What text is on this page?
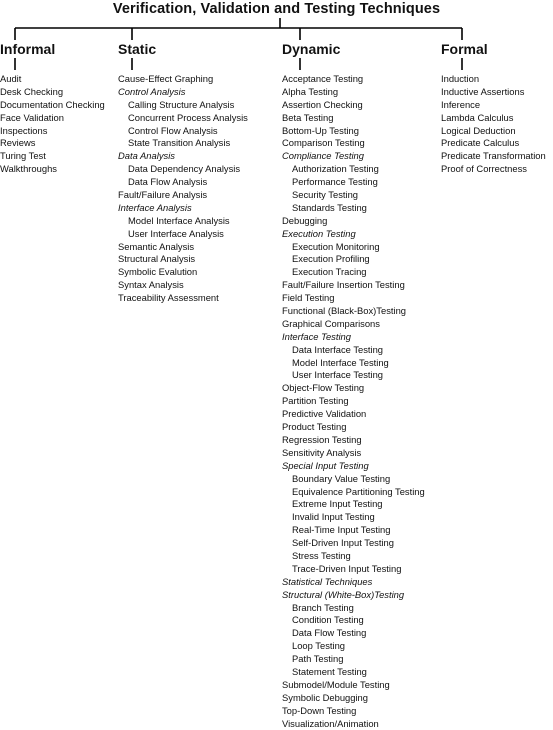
Verification, Validation and Testing Techniques
Informal
Audit
Desk Checking
Documentation Checking
Face Validation
Inspections
Reviews
Turing Test
Walkthroughs
Static
Cause-Effect Graphing
Control Analysis
Calling Structure Analysis
Concurrent Process Analysis
Control Flow Analysis
State Transition Analysis
Data Analysis
Data Dependency Analysis
Data Flow Analysis
Fault/Failure Analysis
Interface Analysis
Model Interface Analysis
User Interface Analysis
Semantic Analysis
Structural Analysis
Symbolic Evalution
Syntax Analysis
Traceability Assessment
Dynamic
Acceptance Testing
Alpha Testing
Assertion Checking
Beta Testing
Bottom-Up Testing
Comparison Testing
Compliance Testing
Authorization Testing
Performance Testing
Security Testing
Standards Testing
Debugging
Execution Testing
Execution Monitoring
Execution Profiling
Execution Tracing
Fault/Failure Insertion Testing
Field Testing
Functional (Black-Box)Testing
Graphical Comparisons
Interface Testing
Data Interface Testing
Model Interface Testing
User Interface Testing
Object-Flow Testing
Partition Testing
Predictive Validation
Product Testing
Regression Testing
Sensitivity Analysis
Special Input Testing
Boundary Value Testing
Equivalence Partitioning Testing
Extreme Input Testing
Invalid Input Testing
Real-Time Input Testing
Self-Driven Input Testing
Stress Testing
Trace-Driven Input Testing
Statistical Techniques
Structural (White-Box)Testing
Branch Testing
Condition Testing
Data Flow Testing
Loop Testing
Path Testing
Statement Testing
Submodel/Module Testing
Symbolic Debugging
Top-Down Testing
Visualization/Animation
Formal
Induction
Inductive Assertions
Inference
Lambda Calculus
Logical Deduction
Predicate Calculus
Predicate Transformation
Proof of Correctness
